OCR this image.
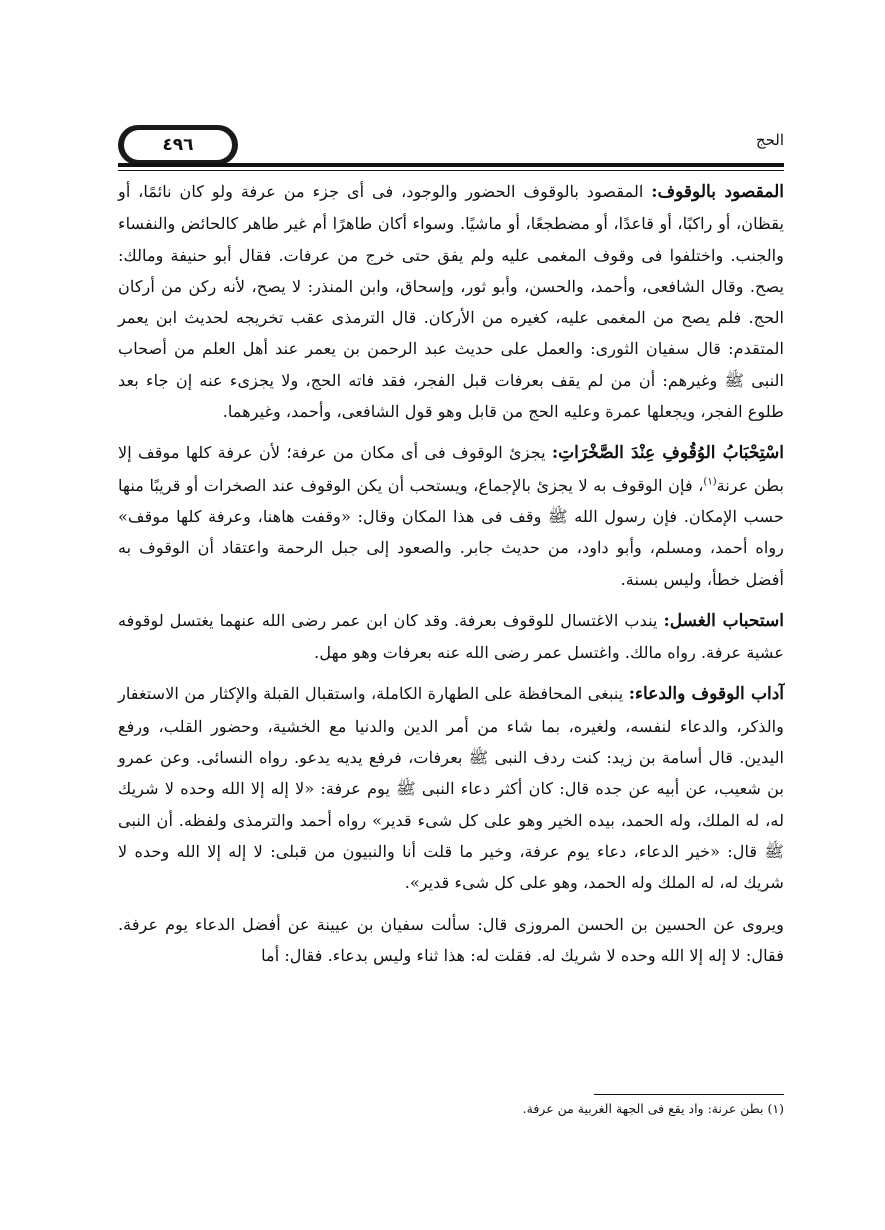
٤٩٦	الحج

المقصود بالوقوف: المقصود بالوقوف الحضور والوجود، فى أى جزء من عرفة ولو كان نائمًا، أو يقظان، أو راكبًا، أو قاعدًا، أو مضطجعًا، أو ماشيًا. وسواء أكان طاهرًا أم غير طاهر كالحائض والنفساء والجنب. واختلفوا فى وقوف المغمى عليه ولم يفق حتى خرج من عرفات. فقال أبو حنيفة ومالك: يصح. وقال الشافعى، وأحمد، والحسن، وأبو ثور، وإسحاق، وابن المنذر: لا يصح، لأنه ركن من أركان الحج. فلم يصح من المغمى عليه، كغيره من الأركان. قال الترمذى عقب تخريجه لحديث ابن يعمر المتقدم: قال سفيان الثورى: والعمل على حديث عبد الرحمن بن يعمر عند أهل العلم من أصحاب النبى ﷺ وغيرهم: أن من لم يقف بعرفات قبل الفجر، فقد فاته الحج، ولا يجزىء عنه إن جاء بعد طلوع الفجر، ويجعلها عمرة وعليه الحج من قابل وهو قول الشافعى، وأحمد، وغيرهما.

اسْتِحْبَابُ الوُقُوفِ عِنْدَ الصَّخْرَاتِ: يجزئ الوقوف فى أى مكان من عرفة؛ لأن عرفة كلها موقف إلا بطن عرنة$^{(١)}$، فإن الوقوف به لا يجزئ بالإجماع، ويستحب أن يكن الوقوف عند الصخرات أو قريبًا منها حسب الإمكان. فإن رسول الله ﷺ وقف فى هذا المكان وقال: «وقفت هاهنا، وعرفة كلها موقف» رواه أحمد، ومسلم، وأبو داود، من حديث جابر. والصعود إلى جبل الرحمة واعتقاد أن الوقوف به أفضل خطأ، وليس بسنة.

استحباب الغسل: يندب الاغتسال للوقوف بعرفة. وقد كان ابن عمر رضى الله عنهما يغتسل لوقوفه عشية عرفة. رواه مالك. واغتسل عمر رضى الله عنه بعرفات وهو مهل.

آداب الوقوف والدعاء: ينبغى المحافظة على الطهارة الكاملة، واستقبال القبلة والإكثار من الاستغفار والذكر، والدعاء لنفسه، ولغيره، بما شاء من أمر الدين والدنيا مع الخشية، وحضور القلب، ورفع اليدين. قال أسامة بن زيد: كنت ردف النبى ﷺ بعرفات، فرفع يديه يدعو. رواه النسائى. وعن عمرو بن شعيب، عن أبيه عن جده قال: كان أكثر دعاء النبى ﷺ يوم عرفة: «لا إله إلا الله وحده لا شريك له، له الملك، وله الحمد، بيده الخير وهو على كل شىء قدير» رواه أحمد والترمذى ولفظه. أن النبى ﷺ قال: «خير الدعاء، دعاء يوم عرفة، وخير ما قلت أنا والنبيون من قبلى: لا إله إلا الله وحده لا شريك له، له الملك وله الحمد، وهو على كل شىء قدير».

ويروى عن الحسين بن الحسن المروزى قال: سألت سفيان بن عيينة عن أفضل الدعاء يوم عرفة. فقال: لا إله إلا الله وحده لا شريك له. فقلت له: هذا ثناء وليس بدعاء. فقال: أما

(١) بطن عرنة: واد يقع فى الجهة الغربية من عرفة.
